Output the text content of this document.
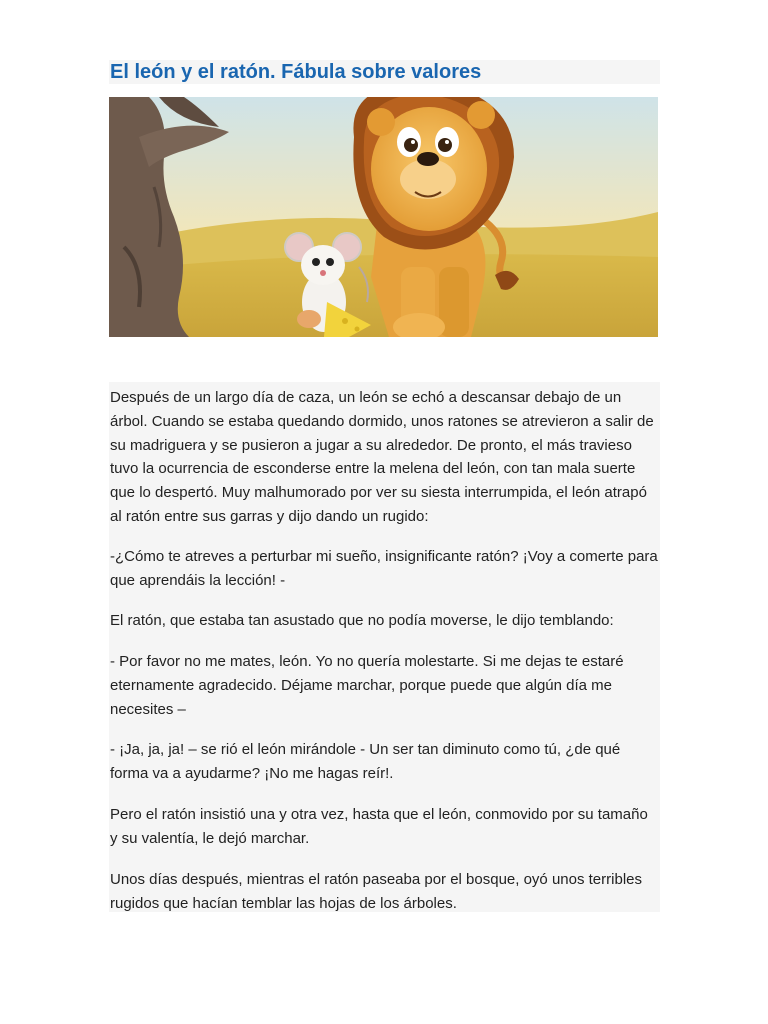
El león y el ratón. Fábula sobre valores

Después de un largo día de caza, un león se echó a descansar debajo de un árbol. Cuando se estaba quedando dormido, unos ratones se atrevieron a salir de su madriguera y se pusieron a jugar a su alrededor. De pronto, el más travieso tuvo la ocurrencia de esconderse entre la melena del león, con tan mala suerte que lo despertó. Muy malhumorado por ver su siesta interrumpida, el león atrapó al ratón entre sus garras y dijo dando un rugido:

-¿Cómo te atreves a perturbar mi sueño, insignificante ratón? ¡Voy a comerte para que aprendáis la lección! -

El ratón, que estaba tan asustado que no podía moverse, le dijo temblando:

- Por favor no me mates, león. Yo no quería molestarte. Si me dejas te estaré eternamente agradecido. Déjame marchar, porque puede que algún día me necesites –

- ¡Ja, ja, ja! – se rió el león mirándole - Un ser tan diminuto como tú, ¿de qué forma va a ayudarme? ¡No me hagas reír!.

Pero el ratón insistió una y otra vez, hasta que el león, conmovido por su tamaño y su valentía, le dejó marchar.

Unos días después, mientras el ratón paseaba por el bosque, oyó unos terribles rugidos que hacían temblar las hojas de los árboles.
